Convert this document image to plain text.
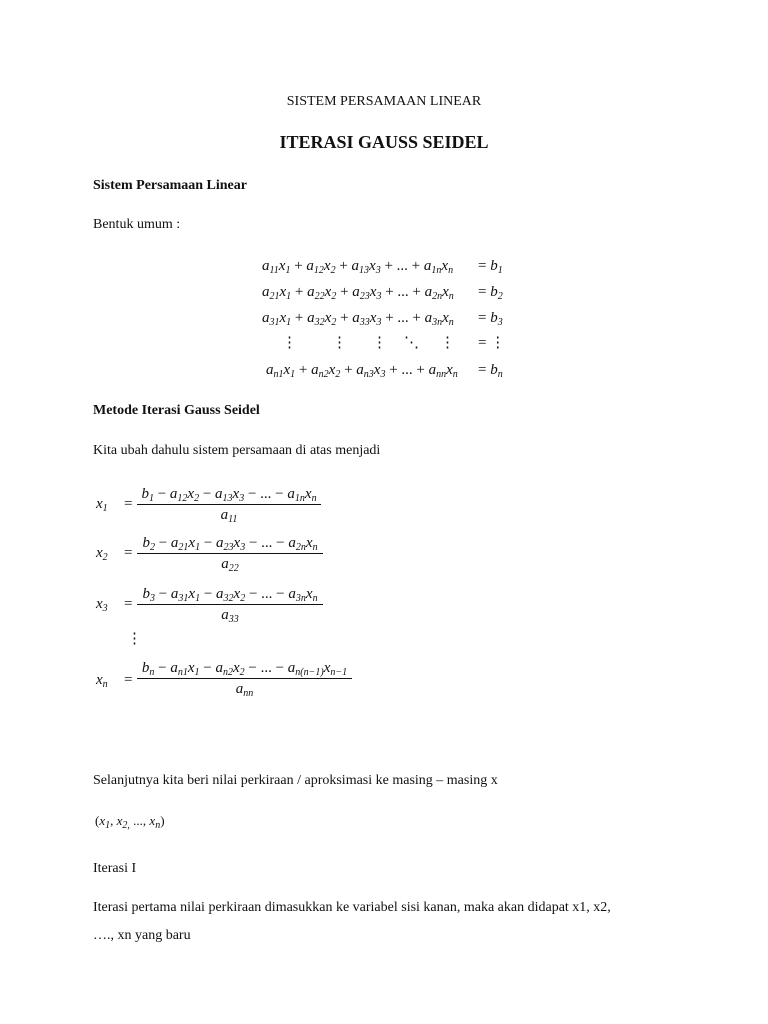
SISTEM PERSAMAAN LINEAR
ITERASI GAUSS SEIDEL
Sistem Persamaan Linear
Bentuk umum :
$a_{11}x_1 + a_{12}x_2 + a_{13}x_3$ + ... + $a_{1n}x_n = b_1$
$a_{21}x_1 + a_{22}x_2 + a_{23}x_3$ + ... + $a_{2n}x_n = b_2$
$a_{31}x_1 + a_{32}x_2 + a_{33}x_3$ + ... + $a_{3n}x_n = b_3$
⋮ ⋮ ⋮ ⋱ ⋮ = ⋮
$a_{n1}x_1 + a_{n2}x_2 + a_{n3}x_3$ + ... + $a_{nn}x_n = b_n$
Metode Iterasi Gauss Seidel
Kita ubah dahulu sistem persamaan di atas menjadi
$x_1$ =
$b_1 - a_{12}x_2 - a_{13}x_3$ − ... − $a_{1n}x_n$
$a_{11}$
$x_2$ =
$b_2 - a_{21}x_1 - a_{23}x_3$ − ... − $a_{2n}x_n$
$a_{22}$
$x_3$ =
$b_3 - a_{31}x_1 - a_{32}x_2$ − ... − $a_{3n}x_n$
$a_{33}$
⋮
$x_n$ =
$b_n - a_{n1}x_1 - a_{n2}x_2$ − ... − $a_{n(n-1)}x_{n-1}$
$a_{nn}$
Selanjutnya kita beri nilai perkiraan / aproksimasi ke masing – masing x
($x_1$, $x_{2,}$ ..., $x_n$)
Iterasi I
Iterasi pertama nilai perkiraan dimasukkan ke variabel sisi kanan, maka akan didapat x1, x2,
…., xn yang baru
